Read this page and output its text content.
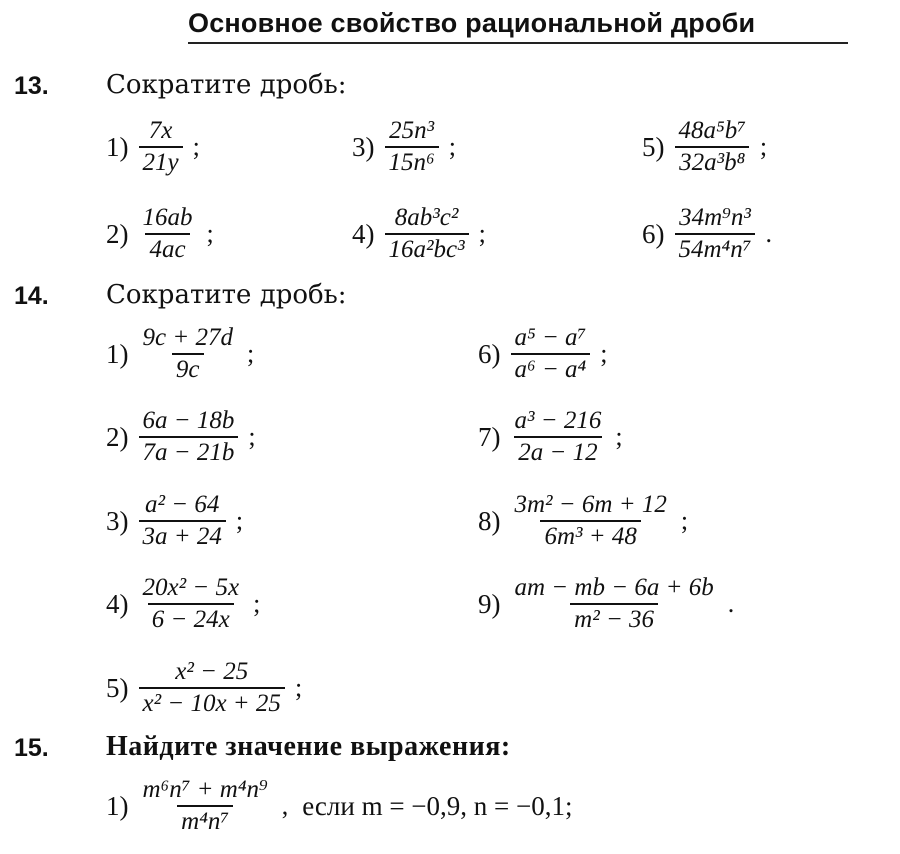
Основное свойство рациональной дроби
13. Сократите дробь:
$1) \frac{7x}{21y}$ ;	$3) \frac{\text{25n³}}{\text{15n⁶}}$ ;	$5) \frac{\text{48a⁵b⁷}}{\text{32a³b⁸}}$ ;
$2) \frac{16ab}{4ac}$ ;	$4) \frac{\text{8ab³c²}}{\text{16a²bc³}}$ ;	$6) \frac{\text{34m⁹n³}}{\text{54m⁴n⁷}}$ .
14. Сократите дробь:
$1) \frac{9c + 27d}{9c}$ ;
$2) \frac{6a - 18b}{7a - 21b}$ ;
$3) \frac{\text{a² − 64}}{3a + 24}$ ;
$4) \frac{\text{20x² − 5x}}{6 - 24x}$ ;
$5) \frac{\text{x² − 25}}{\text{x² − 10x + 25}}$ ;
$6) \frac{\text{a⁵ − a⁷}}{\text{a⁶ − a⁴}}$ ;
$7) \frac{\text{a³ − 216}}{2a - 12}$ ;
$8) \frac{\text{3m² − 6m + 12}}{\text{6m³ + 48}}$ ;
$9) \frac{am - mb - 6a + 6b}{\text{m² − 36}}$ .
15. Найдите значение выражения:
$1) \frac{\text{m⁶n⁷ + m⁴n⁹}}{\text{m⁴n⁷}}$ , если m = −0,9, n = −0,1;
